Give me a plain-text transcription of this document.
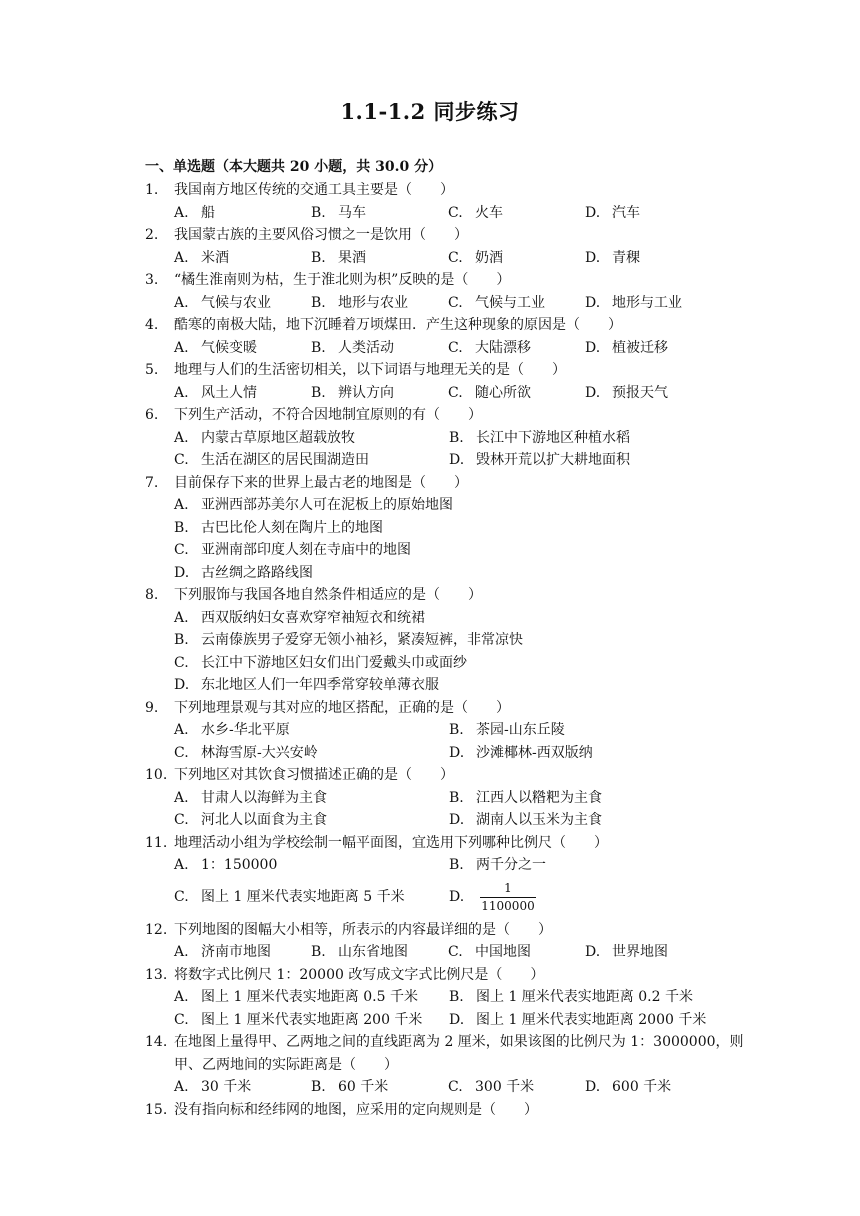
1.1-1.2 同步练习
一、单选题（本大题共 20 小题，共 30.0 分）
1.	我国南方地区传统的交通工具主要是（　　）
A. 船	B. 马车	C. 火车	D. 汽车
2.	我国蒙古族的主要风俗习惯之一是饮用（　　）
A. 米酒	B. 果酒	C. 奶酒	D. 青稞
3.	“橘生淮南则为枯，生于淮北则为枳”反映的是（　　）
A. 气候与农业	B. 地形与农业	C. 气候与工业	D. 地形与工业
4.	酷寒的南极大陆，地下沉睡着万顷煤田．产生这种现象的原因是（　　）
A. 气候变暖	B. 人类活动	C. 大陆漂移	D. 植被迁移
5.	地理与人们的生活密切相关，以下词语与地理无关的是（　　）
A. 风土人情	B. 辨认方向	C. 随心所欲	D. 预报天气
6.	下列生产活动，不符合因地制宜原则的有（　　）
A. 内蒙古草原地区超载放牧	B. 长江中下游地区种植水稻
C. 生活在湖区的居民围湖造田	D. 毁林开荒以扩大耕地面积
7.	目前保存下来的世界上最古老的地图是（　　）
A. 亚洲西部苏美尔人可在泥板上的原始地图
B. 古巴比伦人刻在陶片上的地图
C. 亚洲南部印度人刻在寺庙中的地图
D. 古丝绸之路路线图
8.	下列服饰与我国各地自然条件相适应的是（　　）
A. 西双版纳妇女喜欢穿窄袖短衣和统裙
B. 云南傣族男子爱穿无领小袖衫，紧凑短裤，非常凉快
C. 长江中下游地区妇女们出门爱戴头巾或面纱
D. 东北地区人们一年四季常穿较单薄衣服
9.	下列地理景观与其对应的地区搭配，正确的是（　　）
A. 水乡-华北平原	B. 茶园-山东丘陵
C. 林海雪原-大兴安岭	D. 沙滩椰林-西双版纳
10. 下列地区对其饮食习惯描述正确的是（　　）
A. 甘肃人以海鲜为主食	B. 江西人以糌粑为主食
C. 河北人以面食为主食	D. 湖南人以玉米为主食
11. 地理活动小组为学校绘制一幅平面图，宜选用下列哪种比例尺（　　）
A. 1：150000	B. 两千分之一
C. 图上 1 厘米代表实地距离 5 千米	D.	$\frac{1}{1100000}$
12. 下列地图的图幅大小相等，所表示的内容最详细的是（　　）
A. 济南市地图	B. 山东省地图	C. 中国地图	D. 世界地图
13. 将数字式比例尺 1：20000 改写成文字式比例尺是（　　）
A. 图上 1 厘米代表实地距离 0.5 千米 B. 图上 1 厘米代表实地距离 0.2 千米
C. 图上 1 厘米代表实地距离 200 千米 D. 图上 1 厘米代表实地距离 2000 千米
14. 在地图上量得甲、乙两地之间的直线距离为 2 厘米，如果该图的比例尺为 1：3000000，则甲、乙两地间的实际距离是（　　）
A. 30 千米	B. 60 千米	C. 300 千米	D. 600 千米
15. 没有指向标和经纬网的地图，应采用的定向规则是（　　）
